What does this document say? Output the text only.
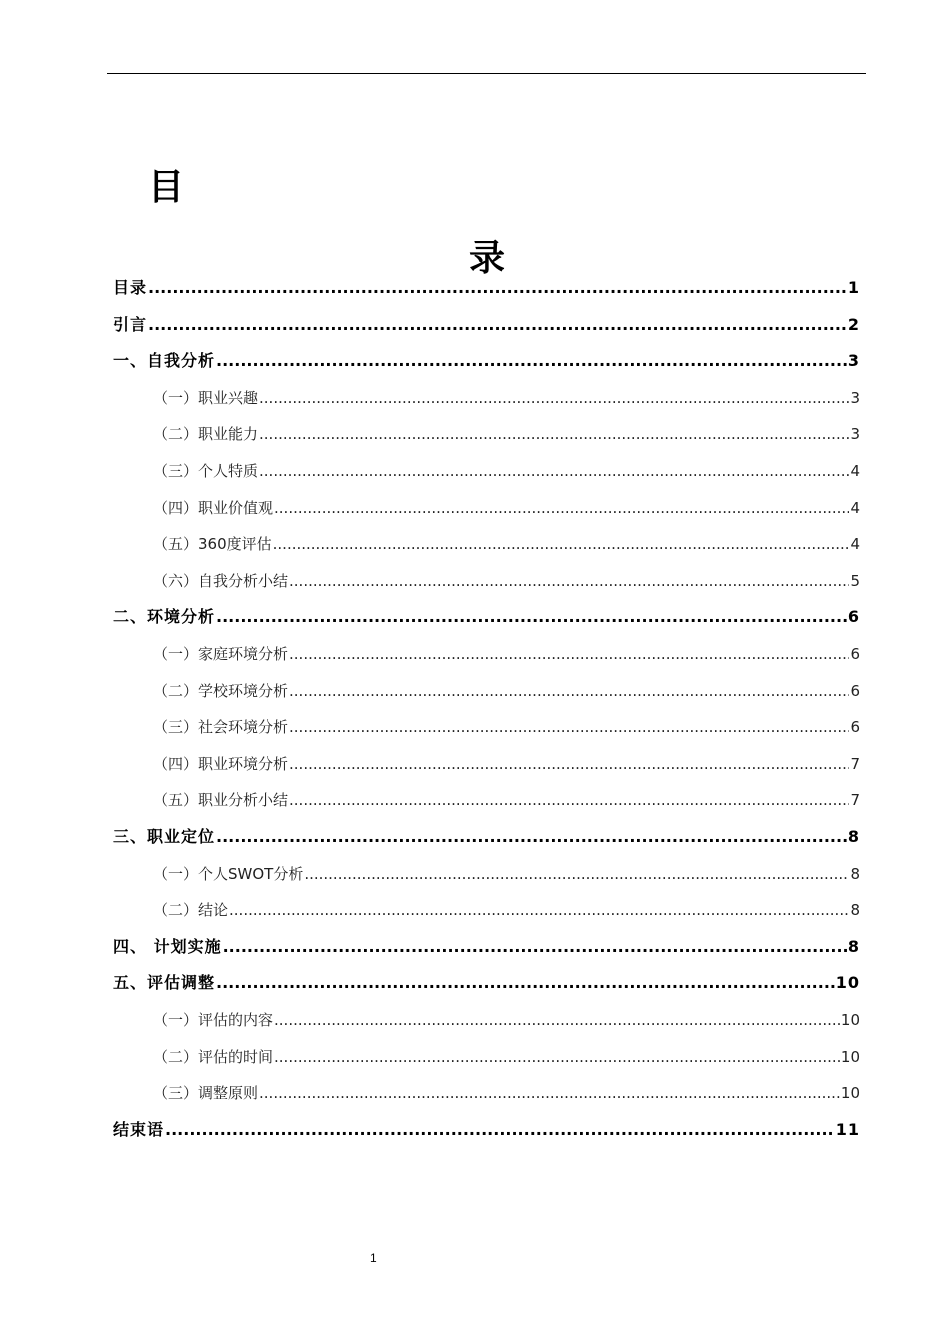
目
录
目录 .....	1
引言 .....	2
一、自我分析 .....	3
（一）职业兴趣 .....	3
（二）职业能力 .....	3
（三）个人特质 .....	4
（四）职业价值观 .....	4
（五）360度评估 .....	4
（六）自我分析小结 .....	5
二、环境分析 .....	6
（一）家庭环境分析 .....	6
（二）学校环境分析 .....	6
（三）社会环境分析 .....	6
（四）职业环境分析 .....	7
（五）职业分析小结 .....	7
三、职业定位 .....	8
（一）个人SWOT分析 .....	8
（二）结论 .....	8
四、 计划实施 .....	8
五、评估调整 .....	10
（一）评估的内容 .....	10
（二）评估的时间 .....	10
（三）调整原则 .....	10
结束语 .....	11
1
